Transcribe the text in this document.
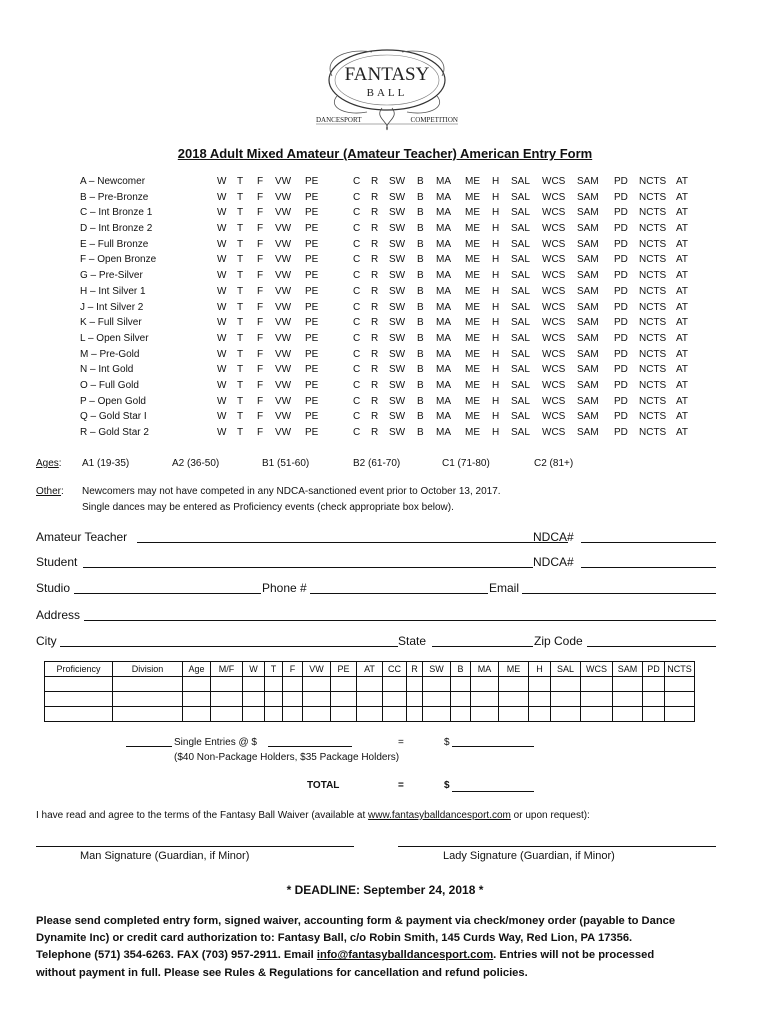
FANTASY
BALL
DANCESPORT	COMPETITION
2018 Adult Mixed Amateur (Amateur Teacher) American Entry Form
A – Newcomer	W T F VW PE	C R SW B MA ME H SAL WCS SAM PD NCTS AT
B – Pre-Bronze	W T F VW PE	C R SW B MA ME H SAL WCS SAM PD NCTS AT
C – Int Bronze 1	W T F VW PE	C R SW B MA ME H SAL WCS SAM PD NCTS AT
D – Int Bronze 2	W T F VW PE	C R SW B MA ME H SAL WCS SAM PD NCTS AT
E – Full Bronze	W T F VW PE	C R SW B MA ME H SAL WCS SAM PD NCTS AT
F – Open Bronze	W T F VW PE	C R SW B MA ME H SAL WCS SAM PD NCTS AT
G – Pre-Silver	W T F VW PE	C R SW B MA ME H SAL WCS SAM PD NCTS AT
H – Int Silver 1	W T F VW PE	C R SW B MA ME H SAL WCS SAM PD NCTS AT
J – Int Silver 2	W T F VW PE	C R SW B MA ME H SAL WCS SAM PD NCTS AT
K – Full Silver	W T F VW PE	C R SW B MA ME H SAL WCS SAM PD NCTS AT
L – Open Silver	W T F VW PE	C R SW B MA ME H SAL WCS SAM PD NCTS AT
M – Pre-Gold	W T F VW PE	C R SW B MA ME H SAL WCS SAM PD NCTS AT
N – Int Gold	W T F VW PE	C R SW B MA ME H SAL WCS SAM PD NCTS AT
O – Full Gold	W T F VW PE	C R SW B MA ME H SAL WCS SAM PD NCTS AT
P – Open Gold	W T F VW PE	C R SW B MA ME H SAL WCS SAM PD NCTS AT
Q – Gold Star I	W T F VW PE	C R SW B MA ME H SAL WCS SAM PD NCTS AT
R – Gold Star 2	W T F VW PE	C R SW B MA ME H SAL WCS SAM PD NCTS AT
Ages: A1 (19-35)	A2 (36-50)	B1 (51-60)	B2 (61-70)	C1 (71-80)	C2 (81+)
Other: Newcomers may not have competed in any NDCA-sanctioned event prior to October 13, 2017.
Single dances may be entered as Proficiency events (check appropriate box below).
Amateur Teacher	NDCA#
Student	NDCA#
Studio	Phone #	Email
Address
City	State	Zip Code
Proficiency	Division	Age	M/F	W	T	F	VW	PE	AT	CC	R	SW	B	MA	ME	H	SAL	WCS	SAM	PD	NCTS

Single Entries @ $	=	$
($40 Non-Package Holders, $35 Package Holders)
TOTAL	=	$
I have read and agree to the terms of the Fantasy Ball Waiver (available at www.fantasyballdancesport.com or upon request):
Man Signature (Guardian, if Minor)	Lady Signature (Guardian, if Minor)
* DEADLINE: September 24, 2018 *
Please send completed entry form, signed waiver, accounting form & payment via check/money order (payable to Dance
Dynamite Inc) or credit card authorization to: Fantasy Ball, c/o Robin Smith, 145 Curds Way, Red Lion, PA 17356.
Telephone (571) 354-6263. FAX (703) 957-2911. Email info@fantasyballdancesport.com. Entries will not be processed
without payment in full. Please see Rules & Regulations for cancellation and refund policies.
